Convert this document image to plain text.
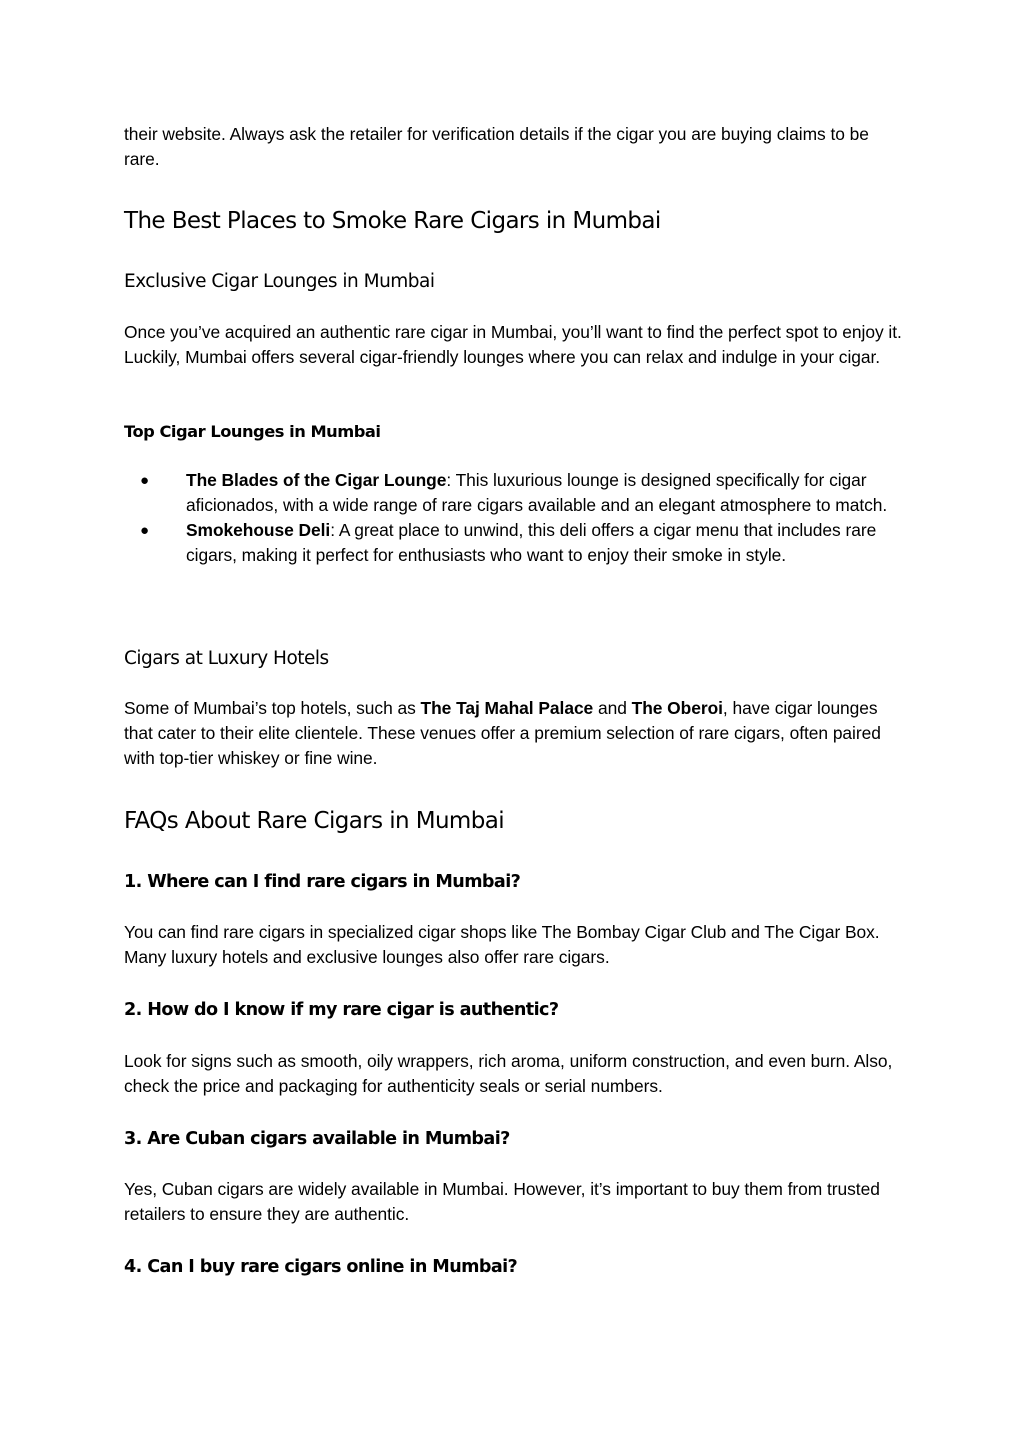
their website. Always ask the retailer for verification details if the cigar you are buying claims to be rare.

The Best Places to Smoke Rare Cigars in Mumbai
Exclusive Cigar Lounges in Mumbai

Once you’ve acquired an authentic rare cigar in Mumbai, you’ll want to find the perfect spot to enjoy it. Luckily, Mumbai offers several cigar-friendly lounges where you can relax and indulge in your cigar.

Top Cigar Lounges in Mumbai
● The Blades of the Cigar Lounge: This luxurious lounge is designed specifically for cigar aficionados, with a wide range of rare cigars available and an elegant atmosphere to match.
● Smokehouse Deli: A great place to unwind, this deli offers a cigar menu that includes rare cigars, making it perfect for enthusiasts who want to enjoy their smoke in style.
Cigars at Luxury Hotels

Some of Mumbai’s top hotels, such as The Taj Mahal Palace and The Oberoi, have cigar lounges that cater to their elite clientele. These venues offer a premium selection of rare cigars, often paired with top-tier whiskey or fine wine.

FAQs About Rare Cigars in Mumbai
1. Where can I find rare cigars in Mumbai?

You can find rare cigars in specialized cigar shops like The Bombay Cigar Club and The Cigar Box. Many luxury hotels and exclusive lounges also offer rare cigars.

2. How do I know if my rare cigar is authentic?

Look for signs such as smooth, oily wrappers, rich aroma, uniform construction, and even burn. Also, check the price and packaging for authenticity seals or serial numbers.

3. Are Cuban cigars available in Mumbai?

Yes, Cuban cigars are widely available in Mumbai. However, it’s important to buy them from trusted retailers to ensure they are authentic.

4. Can I buy rare cigars online in Mumbai?
